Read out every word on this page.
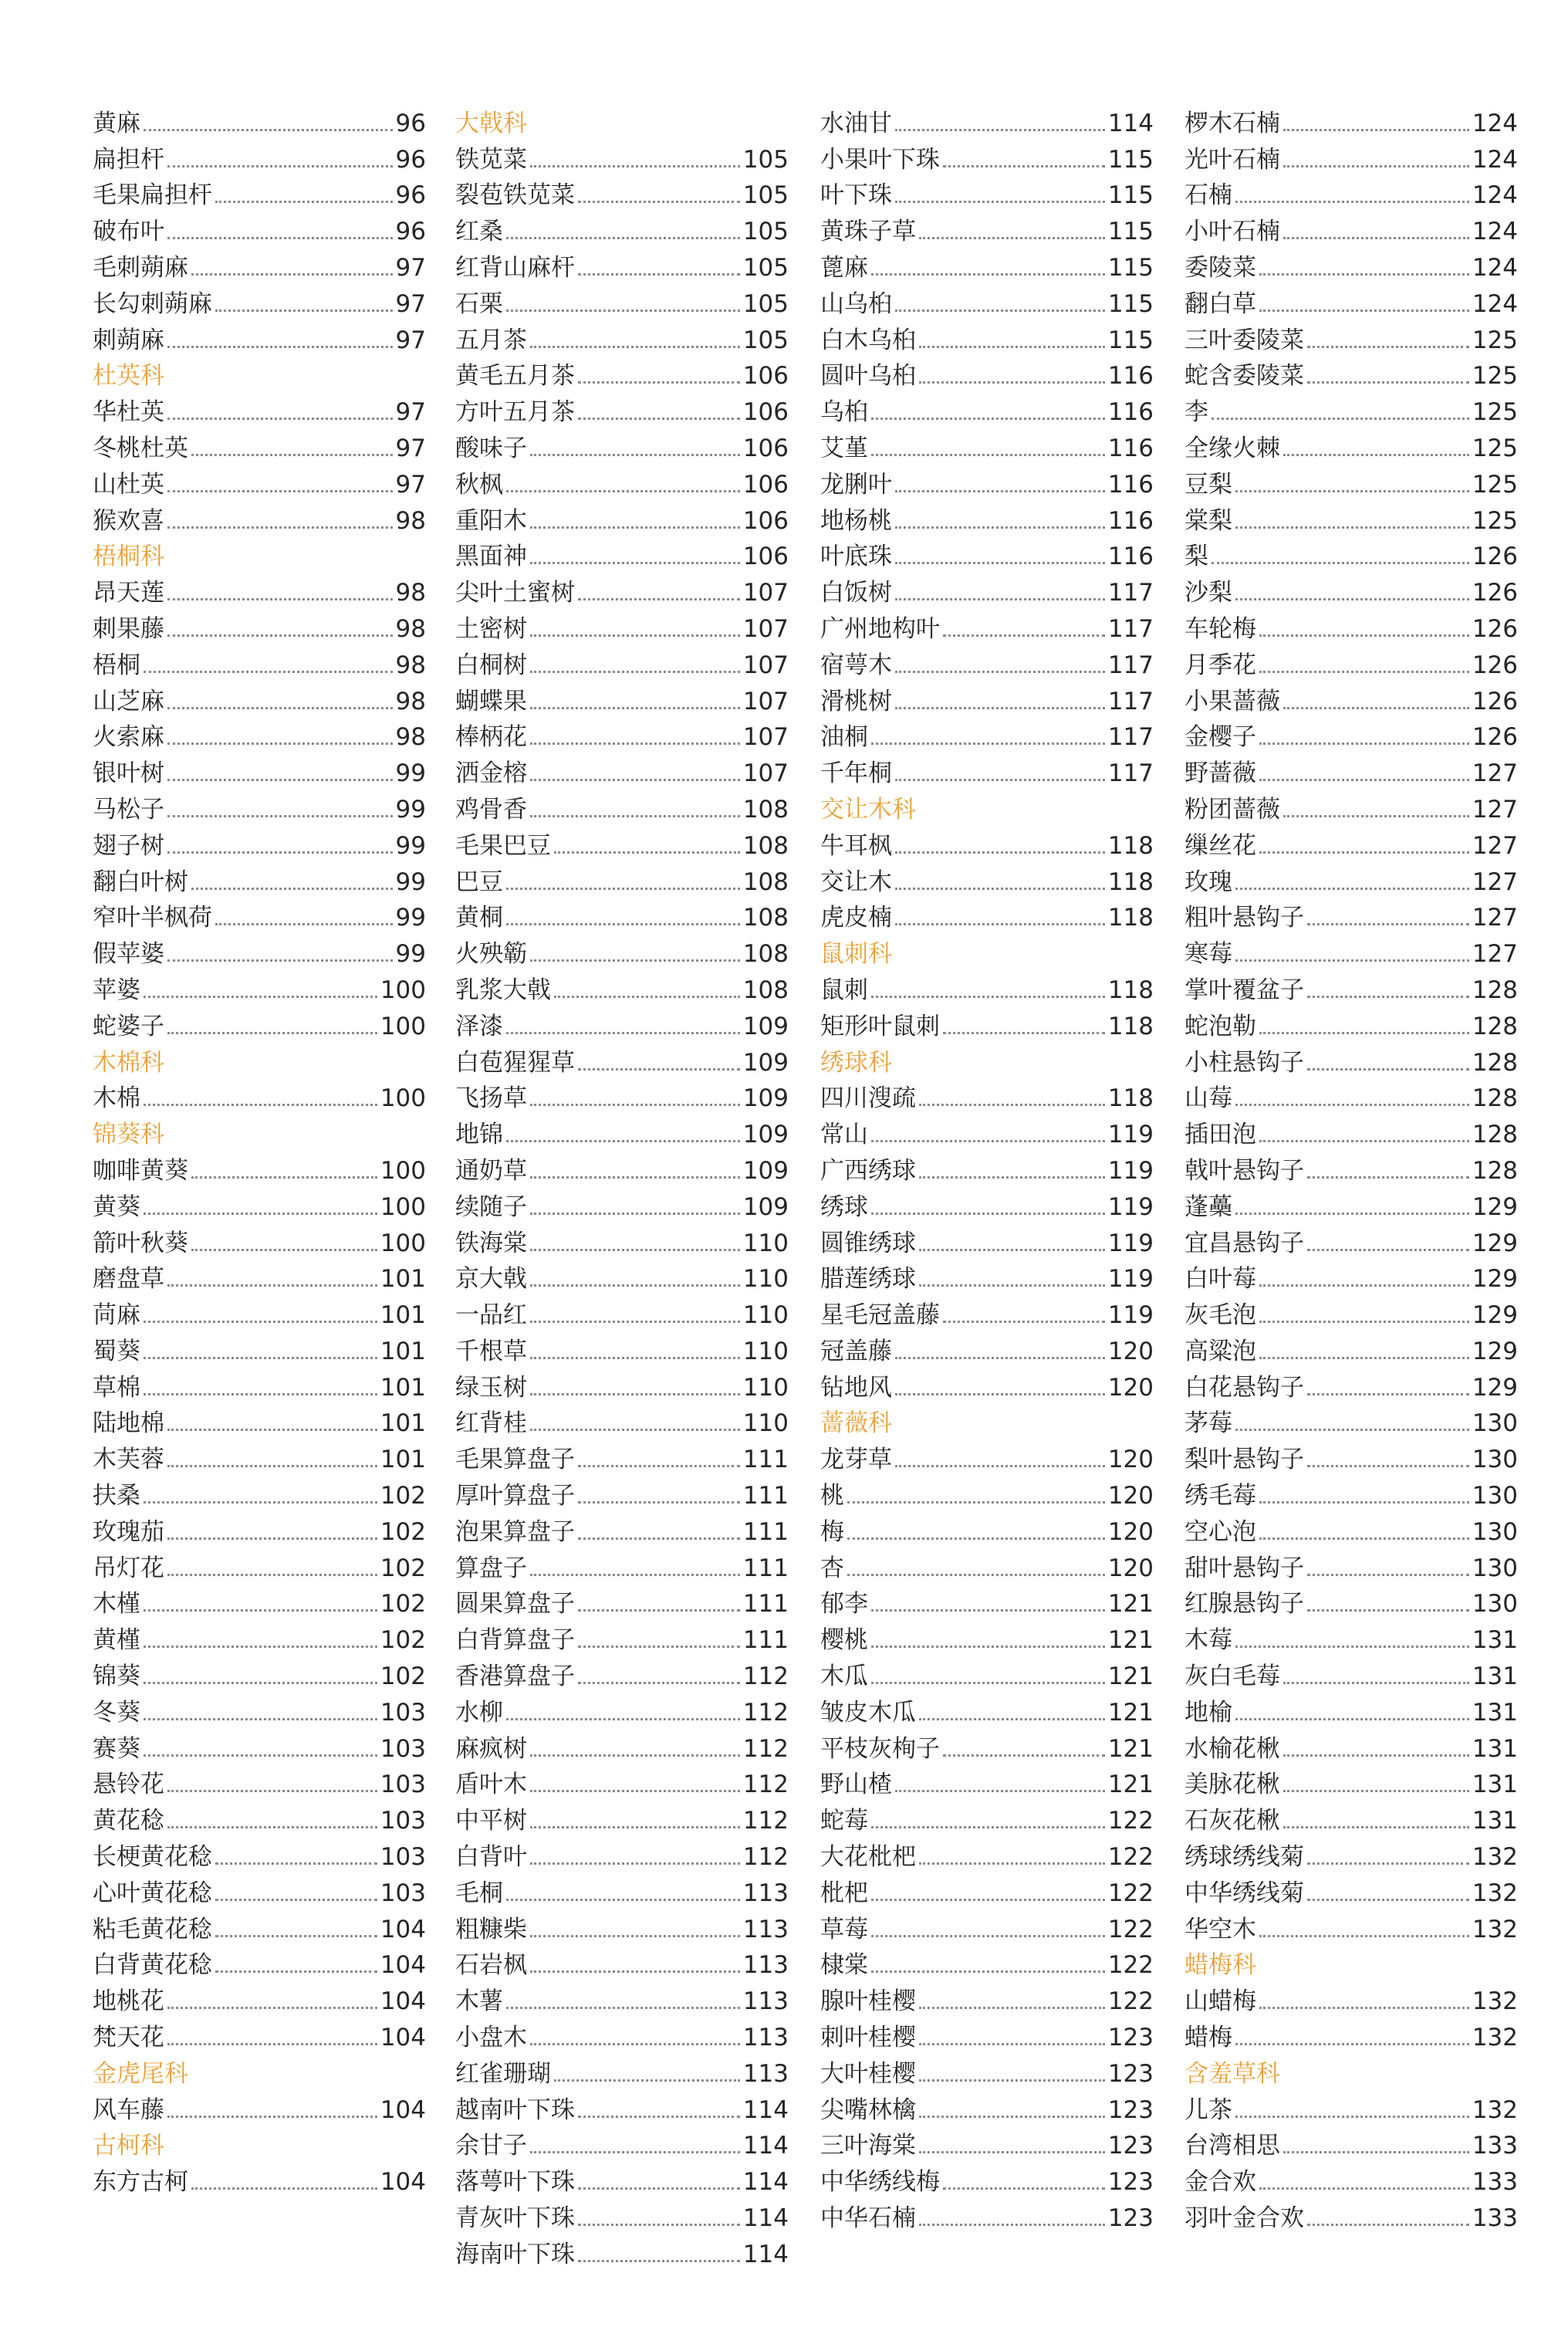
黄麻	96
扁担杆	96
毛果扁担杆	96
破布叶	96
毛刺蒴麻	97
长勾刺蒴麻	97
刺蒴麻	97
杜英科
华杜英	97
冬桃杜英	97
山杜英	97
猴欢喜	98
梧桐科
昂天莲	98
刺果藤	98
梧桐	98
山芝麻	98
火索麻	98
银叶树	99
马松子	99
翅子树	99
翻白叶树	99
窄叶半枫荷	99
假苹婆	99
苹婆	100
蛇婆子	100
木棉科
木棉	100
锦葵科
咖啡黄葵	100
黄葵	100
箭叶秋葵	100
磨盘草	101
苘麻	101
蜀葵	101
草棉	101
陆地棉	101
木芙蓉	101
扶桑	102
玫瑰茄	102
吊灯花	102
木槿	102
黄槿	102
锦葵	102
冬葵	103
赛葵	103
悬铃花	103
黄花稔	103
长梗黄花稔	103
心叶黄花稔	103
粘毛黄花稔	104
白背黄花稔	104
地桃花	104
梵天花	104
金虎尾科
风车藤	104
古柯科
东方古柯	104
大戟科
铁苋菜	105
裂苞铁苋菜	105
红桑	105
红背山麻杆	105
石栗	105
五月茶	105
黄毛五月茶	106
方叶五月茶	106
酸味子	106
秋枫	106
重阳木	106
黑面神	106
尖叶土蜜树	107
土密树	107
白桐树	107
蝴蝶果	107
棒柄花	107
洒金榕	107
鸡骨香	108
毛果巴豆	108
巴豆	108
黄桐	108
火殃簕	108
乳浆大戟	108
泽漆	109
白苞猩猩草	109
飞扬草	109
地锦	109
通奶草	109
续随子	109
铁海棠	110
京大戟	110
一品红	110
千根草	110
绿玉树	110
红背桂	110
毛果算盘子	111
厚叶算盘子	111
泡果算盘子	111
算盘子	111
圆果算盘子	111
白背算盘子	111
香港算盘子	112
水柳	112
麻疯树	112
盾叶木	112
中平树	112
白背叶	112
毛桐	113
粗糠柴	113
石岩枫	113
木薯	113
小盘木	113
红雀珊瑚	113
越南叶下珠	114
余甘子	114
落萼叶下珠	114
青灰叶下珠	114
海南叶下珠	114
水油甘	114
小果叶下珠	115
叶下珠	115
黄珠子草	115
蓖麻	115
山乌桕	115
白木乌桕	115
圆叶乌桕	116
乌桕	116
艾堇	116
龙脷叶	116
地杨桃	116
叶底珠	116
白饭树	117
广州地构叶	117
宿萼木	117
滑桃树	117
油桐	117
千年桐	117
交让木科
牛耳枫	118
交让木	118
虎皮楠	118
鼠刺科
鼠刺	118
矩形叶鼠刺	118
绣球科
四川溲疏	118
常山	119
广西绣球	119
绣球	119
圆锥绣球	119
腊莲绣球	119
星毛冠盖藤	119
冠盖藤	120
钻地风	120
蔷薇科
龙芽草	120
桃	120
梅	120
杏	120
郁李	121
樱桃	121
木瓜	121
皱皮木瓜	121
平枝灰栒子	121
野山楂	121
蛇莓	122
大花枇杷	122
枇杷	122
草莓	122
棣棠	122
腺叶桂樱	122
刺叶桂樱	123
大叶桂樱	123
尖嘴林檎	123
三叶海棠	123
中华绣线梅	123
中华石楠	123
椤木石楠	124
光叶石楠	124
石楠	124
小叶石楠	124
委陵菜	124
翻白草	124
三叶委陵菜	125
蛇含委陵菜	125
李	125
全缘火棘	125
豆梨	125
棠梨	125
梨	126
沙梨	126
车轮梅	126
月季花	126
小果蔷薇	126
金樱子	126
野蔷薇	127
粉团蔷薇	127
缫丝花	127
玫瑰	127
粗叶悬钩子	127
寒莓	127
掌叶覆盆子	128
蛇泡勒	128
小柱悬钩子	128
山莓	128
插田泡	128
戟叶悬钩子	128
蓬蘽	129
宜昌悬钩子	129
白叶莓	129
灰毛泡	129
高粱泡	129
白花悬钩子	129
茅莓	130
梨叶悬钩子	130
绣毛莓	130
空心泡	130
甜叶悬钩子	130
红腺悬钩子	130
木莓	131
灰白毛莓	131
地榆	131
水榆花楸	131
美脉花楸	131
石灰花楸	131
绣球绣线菊	132
中华绣线菊	132
华空木	132
蜡梅科
山蜡梅	132
蜡梅	132
含羞草科
儿茶	132
台湾相思	133
金合欢	133
羽叶金合欢	133
